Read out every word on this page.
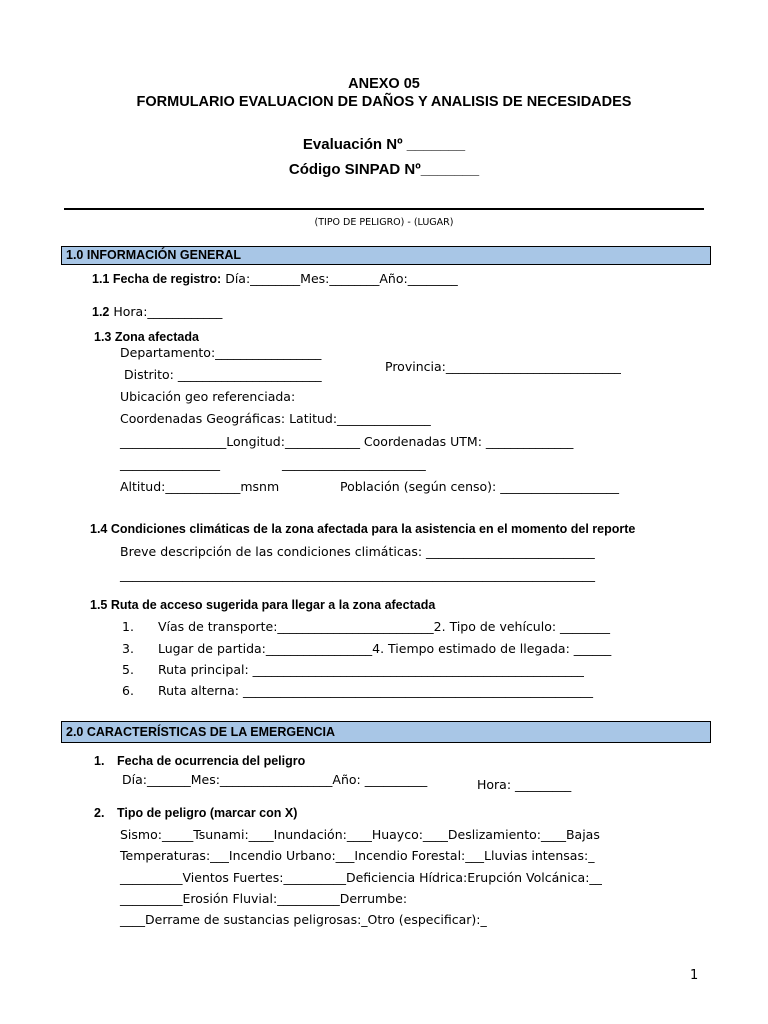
ANEXO 05
FORMULARIO EVALUACION DE DAÑOS Y ANALISIS DE NECESIDADES
Evaluación Nº _______
Código SINPAD Nº_______
(TIPO DE PELIGRO) - (LUGAR)
1.0 INFORMACIÓN GENERAL
1.1 Fecha de registro: Día:________Mes:________Año:________
1.2 Hora:____________
1.3 Zona afectada
Departamento:_________________
Provincia:____________________________
Distrito: _______________________
Ubicación geo referenciada:
Coordenadas Geográficas: Latitud:_______________
_________________Longitud:____________ Coordenadas UTM: ______________
________________	_______________________
Altitud:____________msnm	Población (según censo): ___________________
1.4 Condiciones climáticas de la zona afectada para la asistencia en el momento del reporte
Breve descripción de las condiciones climáticas: ___________________________
____________________________________________________________________________
1.5 Ruta de acceso sugerida para llegar a la zona afectada
1. Vías de transporte:_________________________2. Tipo de vehículo: ________
3. Lugar de partida:_________________4. Tiempo estimado de llegada: ______
5. Ruta principal: _____________________________________________________
6. Ruta alterna: ________________________________________________________
2.0 CARACTERÍSTICAS DE LA EMERGENCIA
1. Fecha de ocurrencia del peligro
Día:_______Mes:__________________Año: __________	Hora: _________
2. Tipo de peligro (marcar con X)
Sismo:_____Tsunami:____Inundación:____Huayco:____Deslizamiento:____Bajas
Temperaturas:___Incendio Urbano:___Incendio Forestal:___Lluvias intensas:_
__________Vientos Fuertes:__________Deficiencia Hídrica:Erupción Volcánica:__
__________Erosión Fluvial:__________Derrumbe:
____Derrame de sustancias peligrosas:_Otro (especificar):_
1
